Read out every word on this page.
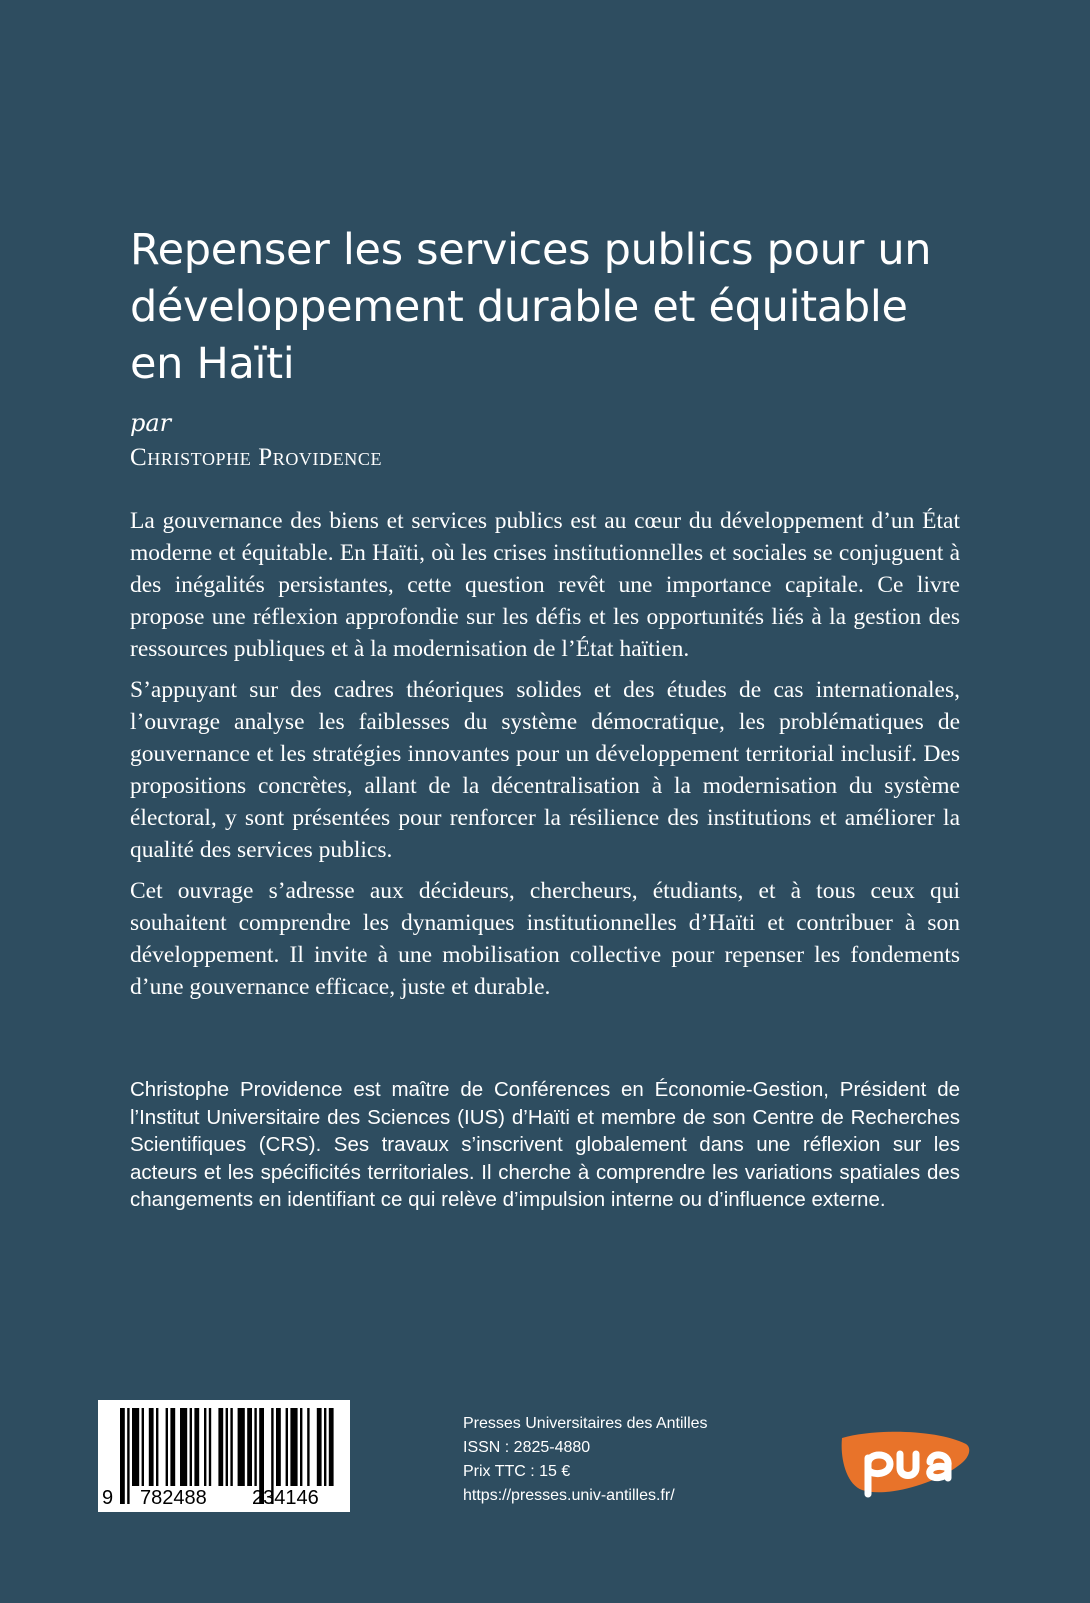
Repenser les services publics pour un développement durable et équitable en Haïti
par
Christophe Providence

La gouvernance des biens et services publics est au cœur du développement d’un État moderne et équitable. En Haïti, où les crises institutionnelles et sociales se conjuguent à des inégalités persistantes, cette question revêt une importance capitale. Ce livre propose une réflexion approfondie sur les défis et les opportunités liés à la gestion des ressources publiques et à la modernisation de l’État haïtien.

S’appuyant sur des cadres théoriques solides et des études de cas internationales, l’ouvrage analyse les faiblesses du système démocratique, les problématiques de gouvernance et les stratégies innovantes pour un développement territorial inclusif. Des propositions concrètes, allant de la décentralisation à la modernisation du système électoral, y sont présentées pour renforcer la résilience des institutions et améliorer la qualité des services publics.

Cet ouvrage s’adresse aux décideurs, chercheurs, étudiants, et à tous ceux qui souhaitent comprendre les dynamiques institutionnelles d’Haïti et contribuer à son développement. Il invite à une mobilisation collective pour repenser les fondements d’une gouvernance efficace, juste et durable.

Christophe Providence est maître de Conférences en Économie-Gestion, Président de l’Institut Universitaire des Sciences (IUS) d’Haïti et membre de son Centre de Recherches Scientifiques (CRS). Ses travaux s’inscrivent globalement dans une réflexion sur les acteurs et les spécificités territoriales. Il cherche à comprendre les variations spatiales des changements en identifiant ce qui relève d’impulsion interne ou d’influence externe.

9 782488 234146
Presses Universitaires des Antilles
ISSN : 2825-4880
Prix TTC : 15 €
https://presses.univ-antilles.fr/
